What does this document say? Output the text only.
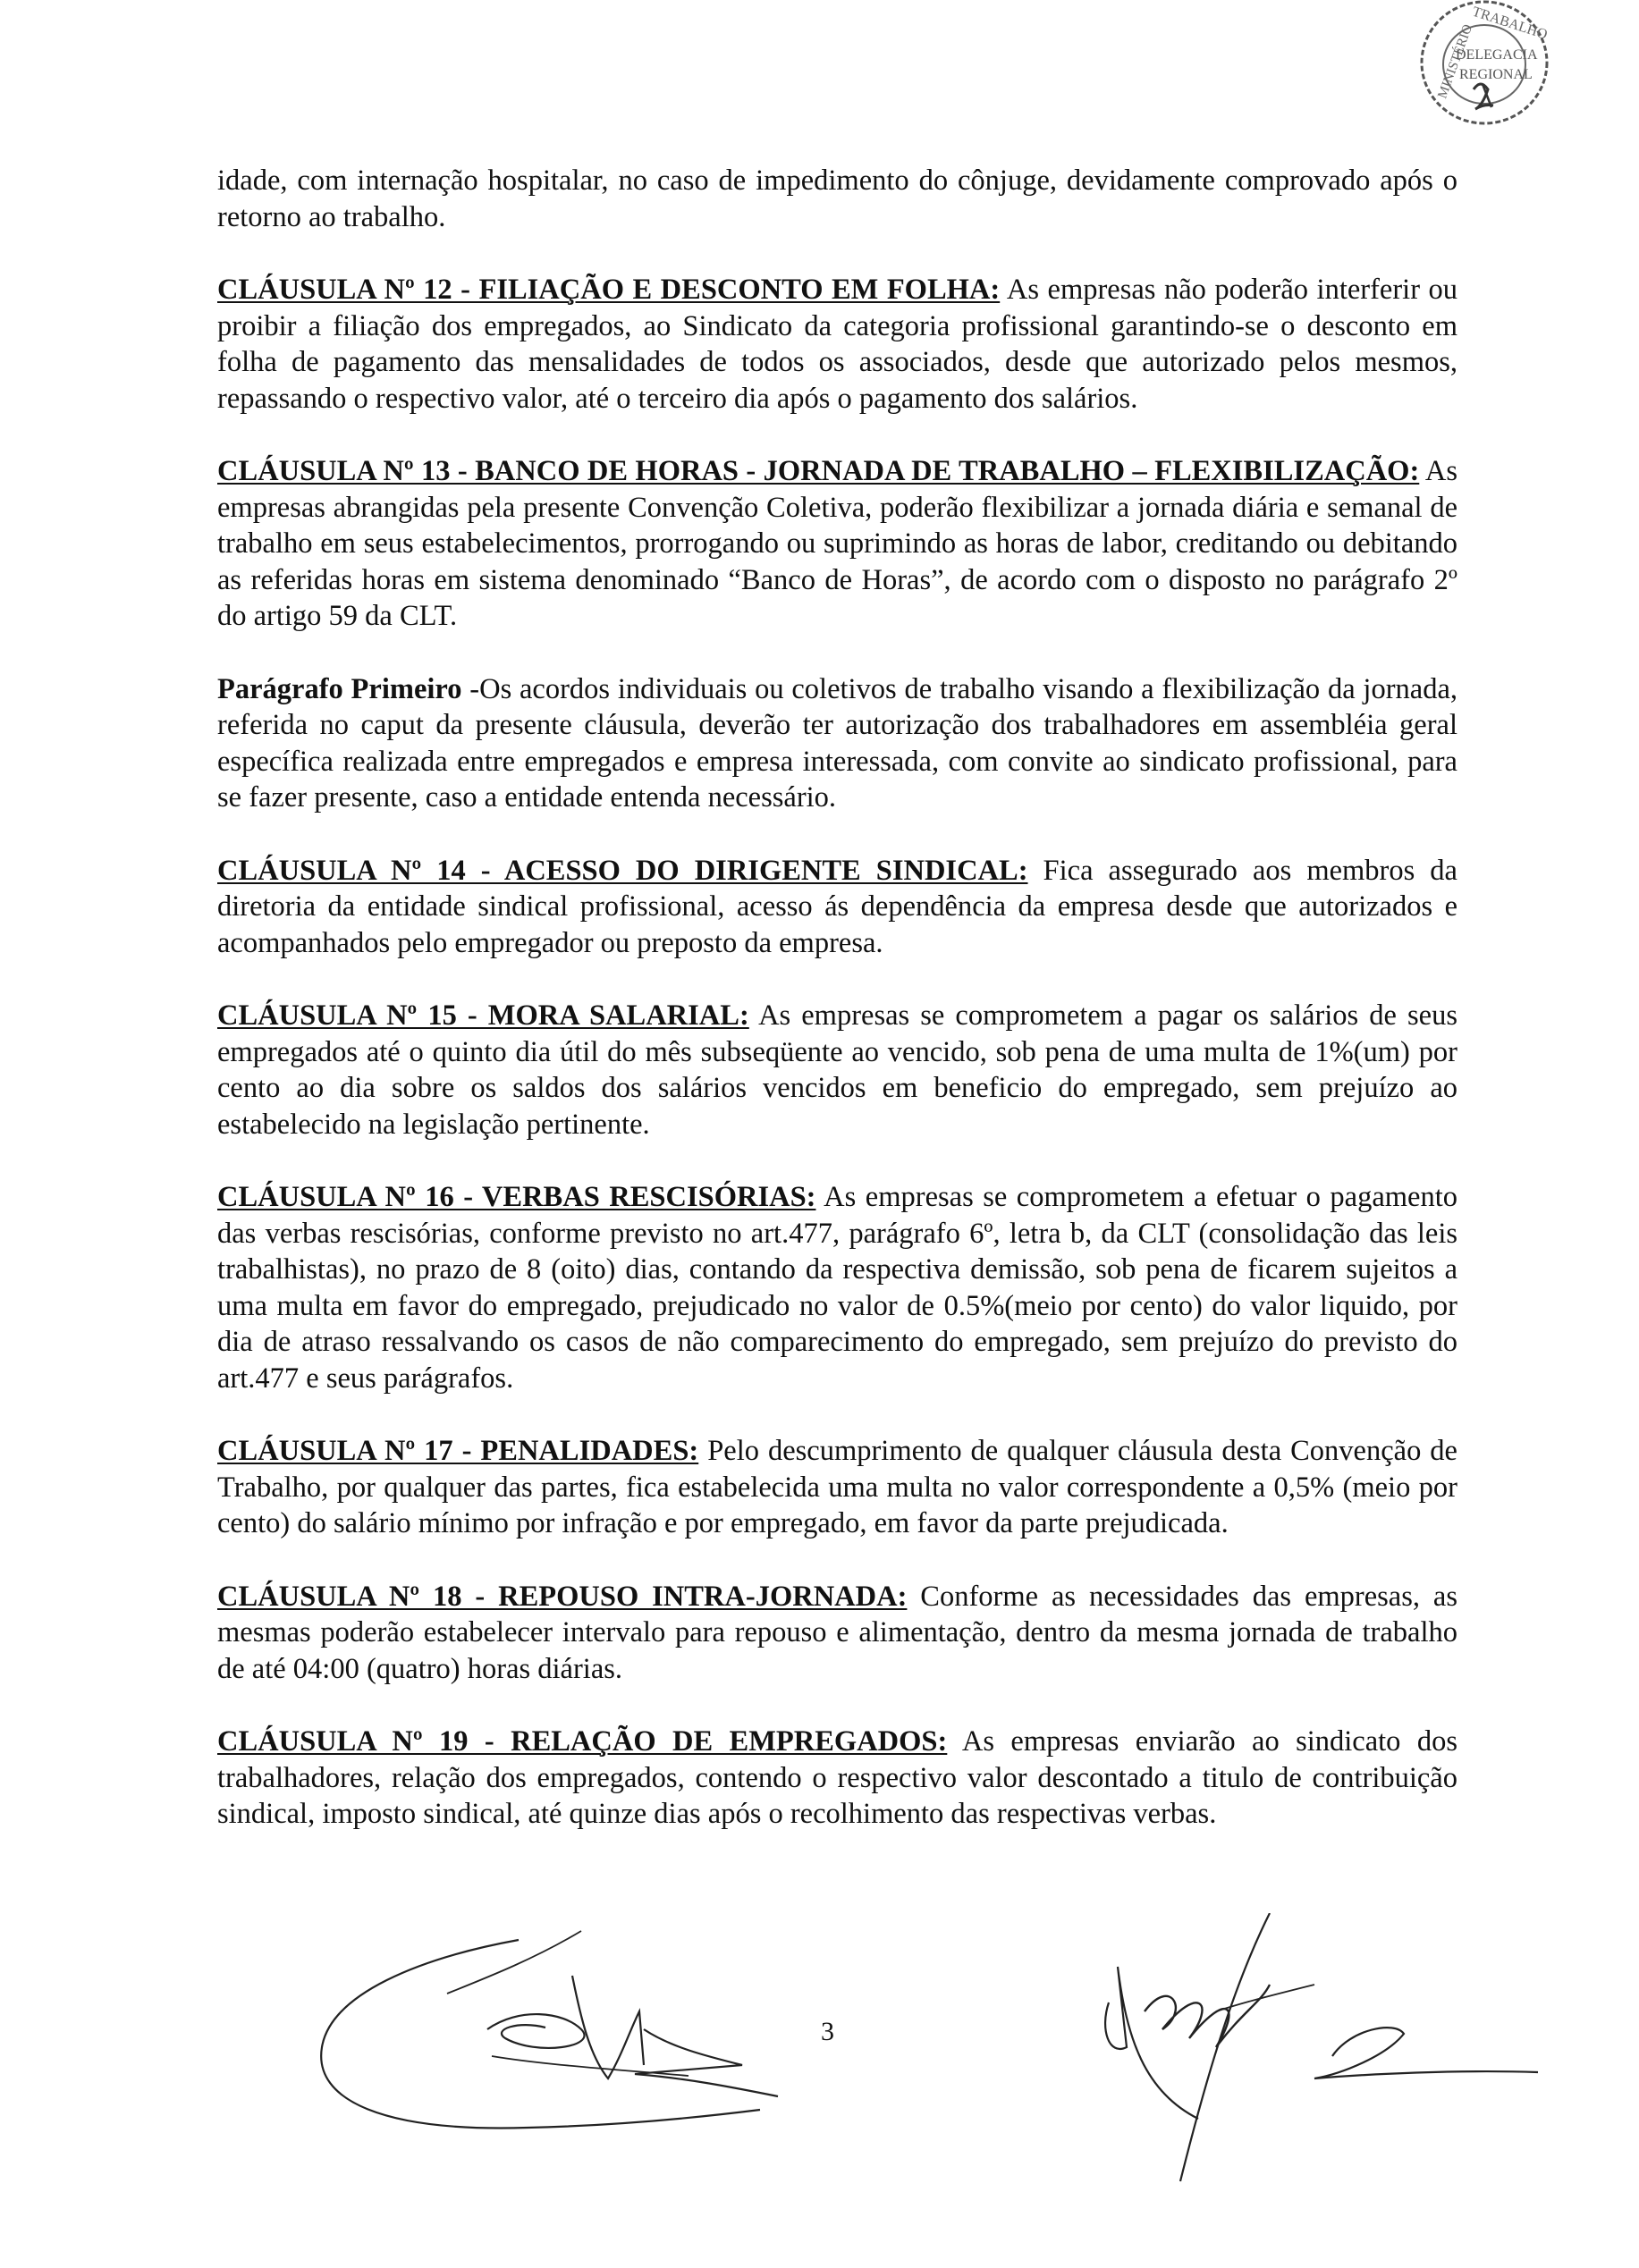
TRABALHO
MINISTÉRIO
DELEGACIA
REGIONAL

idade, com internação hospitalar, no caso de impedimento do cônjuge, devidamente comprovado após o retorno ao trabalho.

CLÁUSULA Nº 12 - FILIAÇÃO E DESCONTO EM FOLHA: As empresas não poderão interferir ou proibir a filiação dos empregados, ao Sindicato da categoria profissional garantindo-se o desconto em folha de pagamento das mensalidades de todos os associados, desde que autorizado pelos mesmos, repassando o respectivo valor, até o terceiro dia após o pagamento dos salários.

CLÁUSULA Nº 13 - BANCO DE HORAS - JORNADA DE TRABALHO – FLEXIBILIZAÇÃO: As empresas abrangidas pela presente Convenção Coletiva, poderão flexibilizar a jornada diária e semanal de trabalho em seus estabelecimentos, prorrogando ou suprimindo as horas de labor, creditando ou debitando as referidas horas em sistema denominado “Banco de Horas”, de acordo com o disposto no parágrafo 2º do artigo 59 da CLT.

Parágrafo Primeiro -Os acordos individuais ou coletivos de trabalho visando a flexibilização da jornada, referida no caput da presente cláusula, deverão ter autorização dos trabalhadores em assembléia geral específica realizada entre empregados e empresa interessada, com convite ao sindicato profissional, para se fazer presente, caso a entidade entenda necessário.

CLÁUSULA Nº 14 - ACESSO DO DIRIGENTE SINDICAL: Fica assegurado aos membros da diretoria da entidade sindical profissional, acesso ás dependência da empresa desde que autorizados e acompanhados pelo empregador ou preposto da empresa.

CLÁUSULA Nº 15 - MORA SALARIAL: As empresas se comprometem a pagar os salários de seus empregados até o quinto dia útil do mês subseqüente ao vencido, sob pena de uma multa de 1%(um) por cento ao dia sobre os saldos dos salários vencidos em beneficio do empregado, sem prejuízo ao estabelecido na legislação pertinente.

CLÁUSULA Nº 16 - VERBAS RESCISÓRIAS: As empresas se comprometem a efetuar o pagamento das verbas rescisórias, conforme previsto no art.477, parágrafo 6º, letra b, da CLT (consolidação das leis trabalhistas), no prazo de 8 (oito) dias, contando da respectiva demissão, sob pena de ficarem sujeitos a uma multa em favor do empregado, prejudicado no valor de 0.5%(meio por cento) do valor liquido, por dia de atraso ressalvando os casos de não comparecimento do empregado, sem prejuízo do previsto do art.477 e seus parágrafos.

CLÁUSULA Nº 17 - PENALIDADES: Pelo descumprimento de qualquer cláusula desta Convenção de Trabalho, por qualquer das partes, fica estabelecida uma multa no valor correspondente a 0,5% (meio por cento) do salário mínimo por infração e por empregado, em favor da parte prejudicada.

CLÁUSULA Nº 18 - REPOUSO INTRA-JORNADA: Conforme as necessidades das empresas, as mesmas poderão estabelecer intervalo para repouso e alimentação, dentro da mesma jornada de trabalho de até 04:00 (quatro) horas diárias.

CLÁUSULA Nº 19 - RELAÇÃO DE EMPREGADOS: As empresas enviarão ao sindicato dos trabalhadores, relação dos empregados, contendo o respectivo valor descontado a titulo de contribuição sindical, imposto sindical, até quinze dias após o recolhimento das respectivas verbas.

3
